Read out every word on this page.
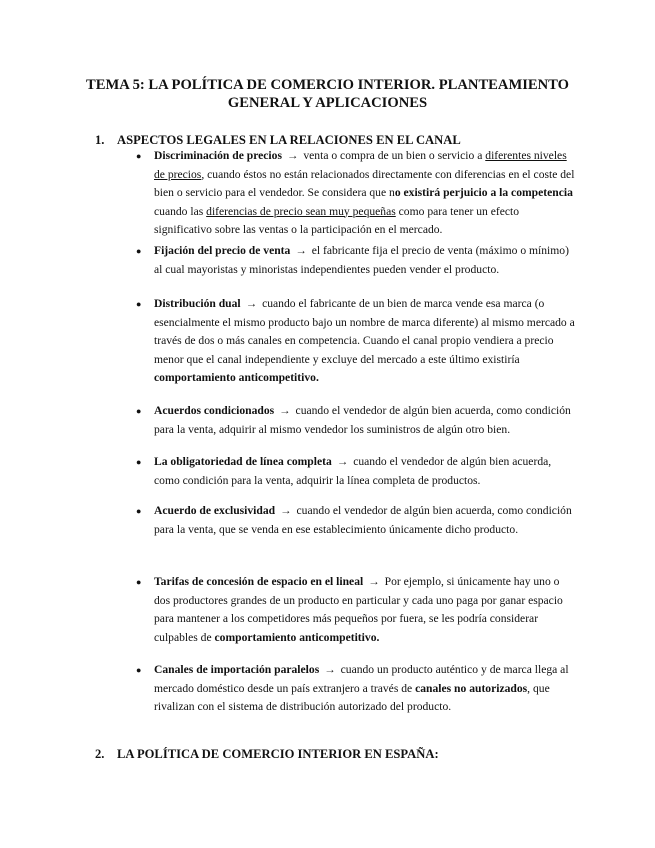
TEMA 5: LA POLÍTICA DE COMERCIO INTERIOR. PLANTEAMIENTO
GENERAL Y APLICACIONES
1. ASPECTOS LEGALES EN LA RELACIONES EN EL CANAL
● Discriminación de precios → venta o compra de un bien o servicio a diferentes niveles de precios, cuando éstos no están relacionados directamente con diferencias en el coste del bien o servicio para el vendedor. Se considera que no existirá perjuicio a la competencia cuando las diferencias de precio sean muy pequeñas como para tener un efecto significativo sobre las ventas o la participación en el mercado.

● Fijación del precio de venta → el fabricante fija el precio de venta (máximo o mínimo) al cual mayoristas y minoristas independientes pueden vender el producto.

● Distribución dual → cuando el fabricante de un bien de marca vende esa marca (o esencialmente el mismo producto bajo un nombre de marca diferente) al mismo mercado a través de dos o más canales en competencia. Cuando el canal propio vendiera a precio menor que el canal independiente y excluye del mercado a este último existiría comportamiento anticompetitivo.

● Acuerdos condicionados → cuando el vendedor de algún bien acuerda, como condición para la venta, adquirir al mismo vendedor los suministros de algún otro bien.

● La obligatoriedad de línea completa → cuando el vendedor de algún bien acuerda, como condición para la venta, adquirir la línea completa de productos.

● Acuerdo de exclusividad → cuando el vendedor de algún bien acuerda, como condición para la venta, que se venda en ese establecimiento únicamente dicho producto.

● Tarifas de concesión de espacio en el lineal → Por ejemplo, si únicamente hay uno o dos productores grandes de un producto en particular y cada uno paga por ganar espacio para mantener a los competidores más pequeños por fuera, se les podría considerar culpables de comportamiento anticompetitivo.

● Canales de importación paralelos → cuando un producto auténtico y de marca llega al mercado doméstico desde un país extranjero a través de canales no autorizados, que rivalizan con el sistema de distribución autorizado del producto.

2. LA POLÍTICA DE COMERCIO INTERIOR EN ESPAÑA:
